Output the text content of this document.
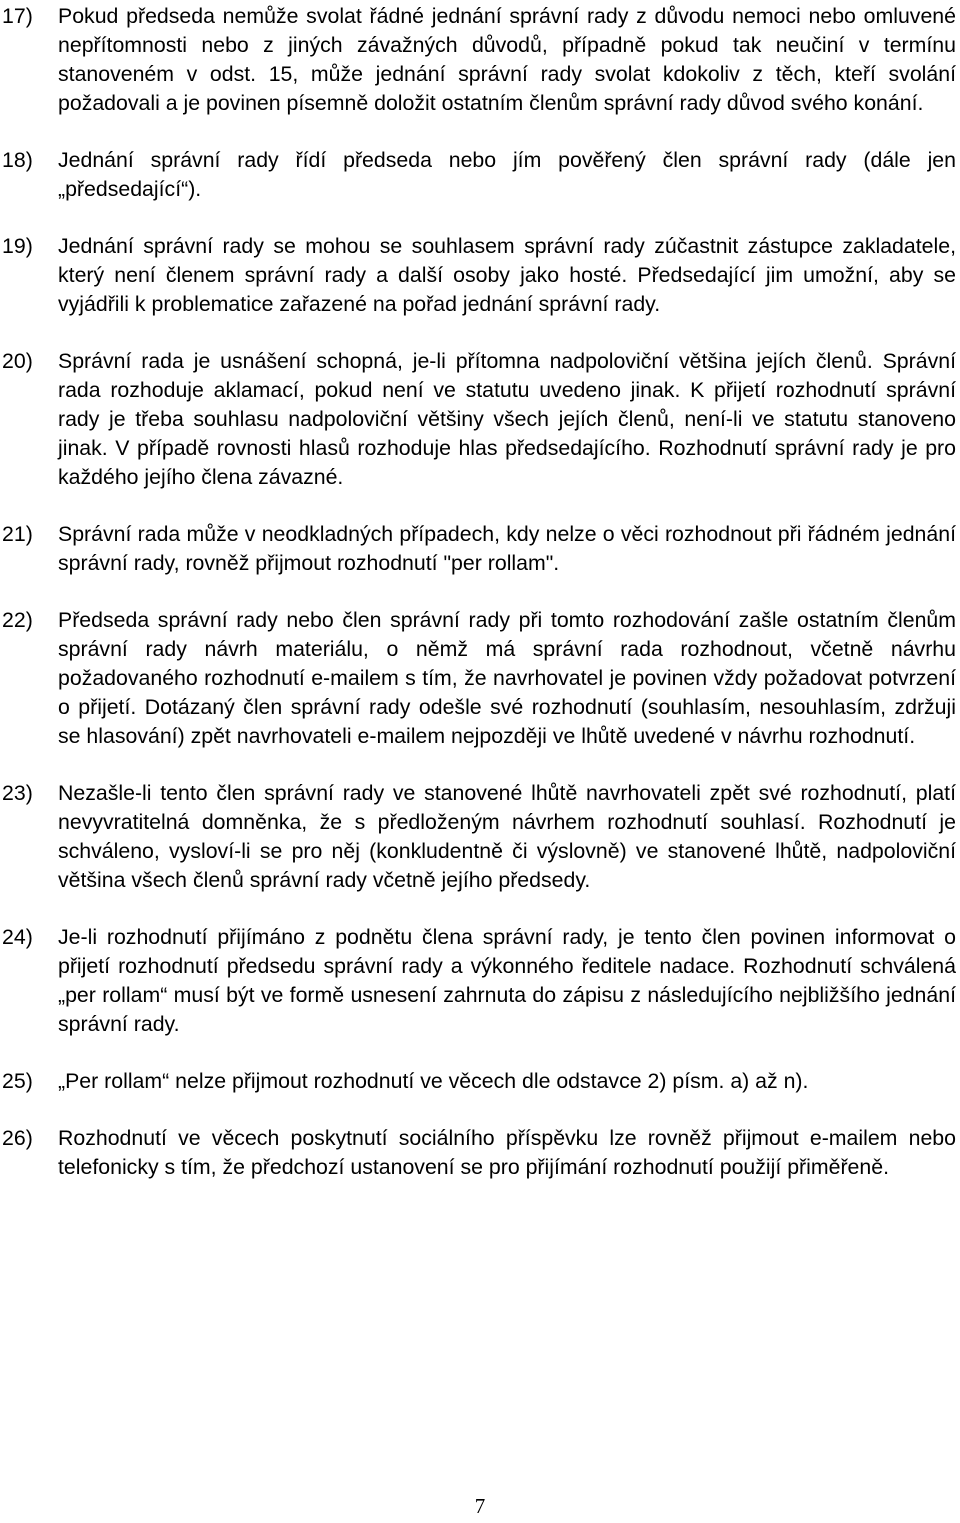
17)	Pokud předseda nemůže svolat řádné jednání správní rady z důvodu nemoci nebo omluvené nepřítomnosti nebo z jiných závažných důvodů, případně pokud tak neučiní v termínu stanoveném v odst. 15, může jednání správní rady svolat kdokoliv z těch, kteří svolání požadovali a je povinen písemně doložit ostatním členům správní rady důvod svého konání.
18)	Jednání správní rady řídí předseda nebo jím pověřený člen správní rady (dále jen „předsedající“).
19)	Jednání správní rady se mohou se souhlasem správní rady zúčastnit zástupce zakladatele, který není členem správní rady a další osoby jako hosté. Předsedající jim umožní, aby se vyjádřili k problematice zařazené na pořad jednání správní rady.
20)	Správní rada je usnášení schopná, je-li přítomna nadpoloviční většina jejích členů. Správní rada rozhoduje aklamací, pokud není ve statutu uvedeno jinak. K přijetí rozhodnutí správní rady je třeba souhlasu nadpoloviční většiny všech jejích členů, není-li ve statutu stanoveno jinak. V případě rovnosti hlasů rozhoduje hlas předsedajícího. Rozhodnutí správní rady je pro každého jejího člena závazné.
21)	Správní rada může v neodkladných případech, kdy nelze o věci rozhodnout při řádném jednání správní rady, rovněž přijmout rozhodnutí "per rollam".
22)	Předseda správní rady nebo člen správní rady při tomto rozhodování zašle ostatním členům správní rady návrh materiálu, o němž má správní rada rozhodnout, včetně návrhu požadovaného rozhodnutí e-mailem s tím, že navrhovatel je povinen vždy požadovat potvrzení o přijetí. Dotázaný člen správní rady odešle své rozhodnutí (souhlasím, nesouhlasím, zdržuji se hlasování) zpět navrhovateli e-mailem nejpozději ve lhůtě uvedené v návrhu rozhodnutí.
23)	Nezašle-li tento člen správní rady ve stanovené lhůtě navrhovateli zpět své rozhodnutí, platí nevyvratitelná domněnka, že s předloženým návrhem rozhodnutí souhlasí. Rozhodnutí je schváleno, vysloví-li se pro něj (konkludentně či výslovně) ve stanovené lhůtě, nadpoloviční většina všech členů správní rady včetně jejího předsedy.
24)	Je-li rozhodnutí přijímáno z podnětu člena správní rady, je tento člen povinen informovat o přijetí rozhodnutí předsedu správní rady a výkonného ředitele nadace. Rozhodnutí schválená „per rollam“ musí být ve formě usnesení zahrnuta do zápisu z následujícího nejbližšího jednání správní rady.
25)	„Per rollam“ nelze přijmout rozhodnutí ve věcech dle odstavce 2) písm. a) až n).
26)	Rozhodnutí ve věcech poskytnutí sociálního příspěvku lze rovněž přijmout e-mailem nebo telefonicky s tím, že předchozí ustanovení se pro přijímání rozhodnutí použijí přiměřeně.
7
